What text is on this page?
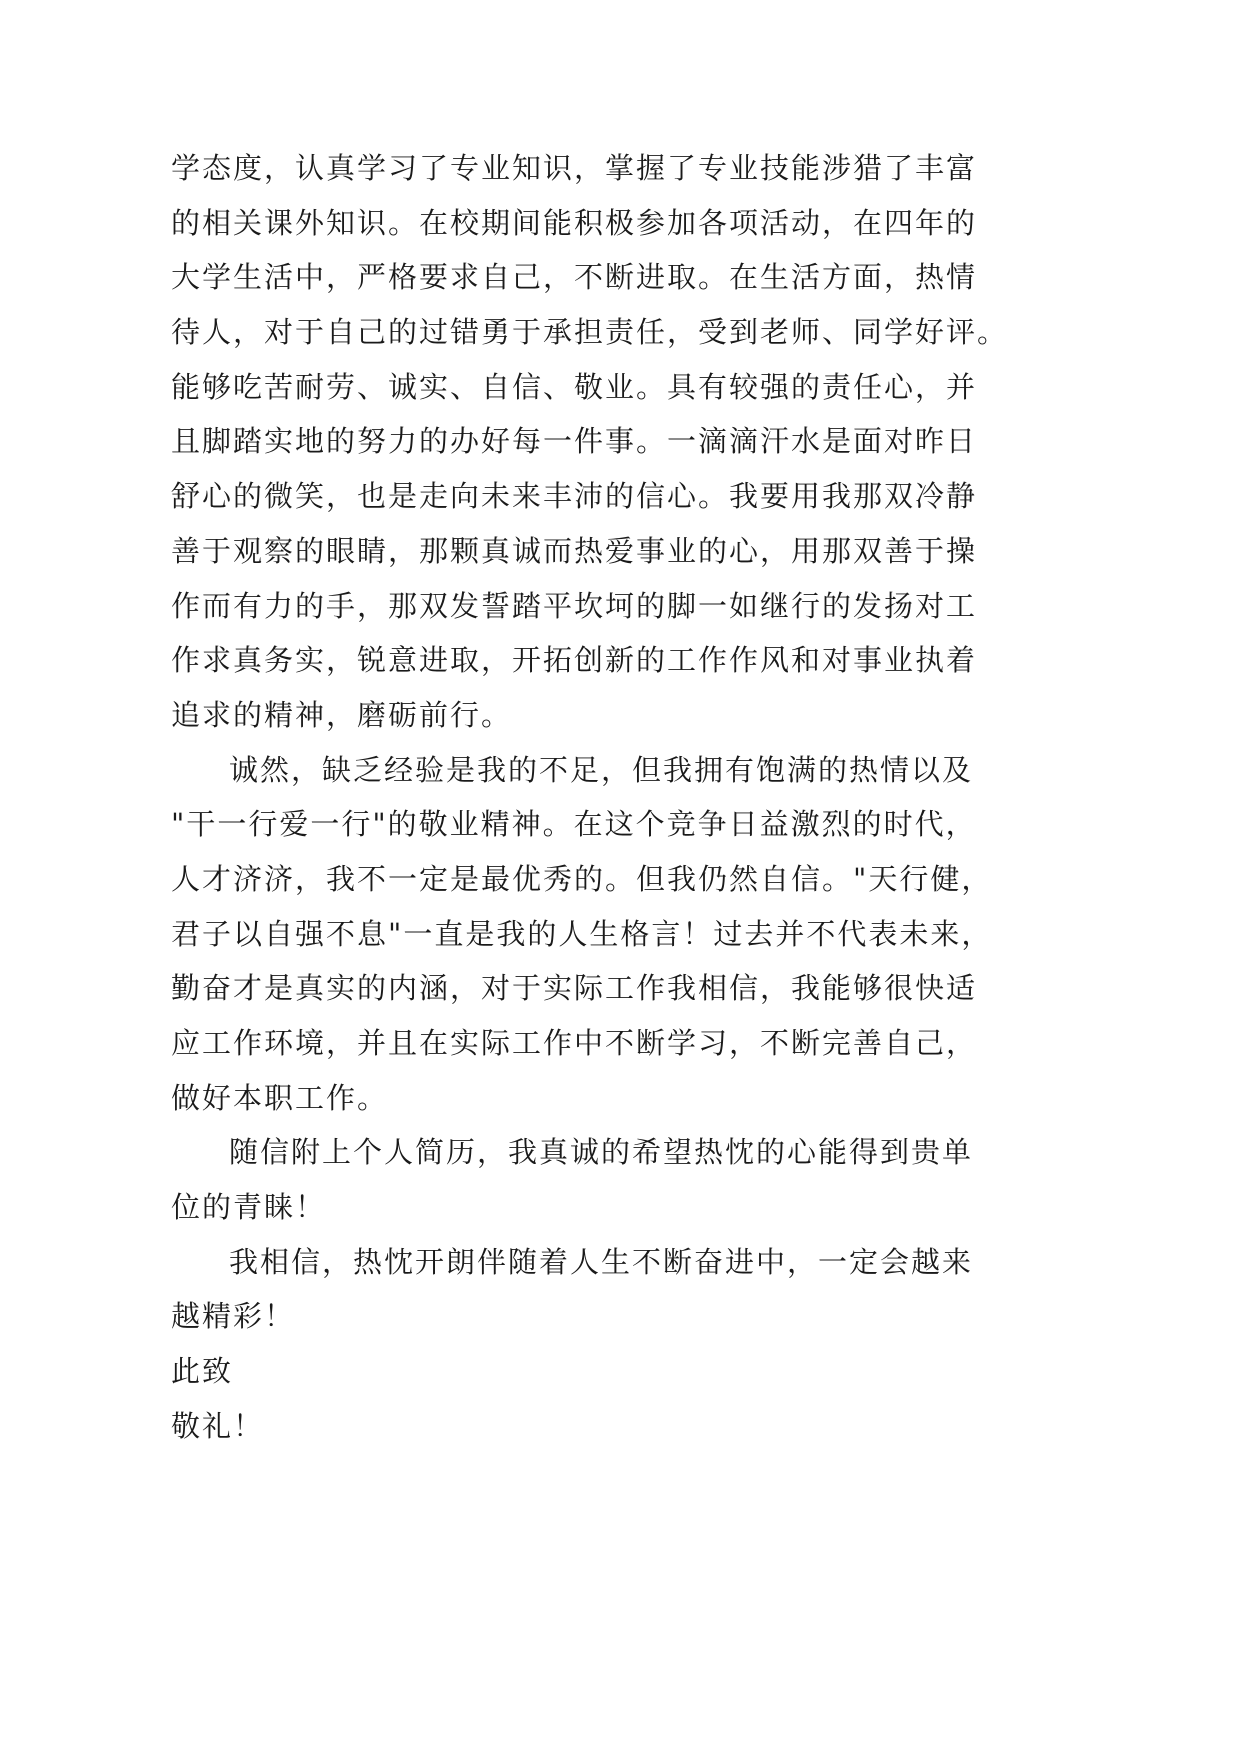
学态度，认真学习了专业知识，掌握了专业技能涉猎了丰富
的相关课外知识。在校期间能积极参加各项活动，在四年的
大学生活中，严格要求自己，不断进取。在生活方面，热情
待人，对于自己的过错勇于承担责任，受到老师、同学好评。
能够吃苦耐劳、诚实、自信、敬业。具有较强的责任心，并
且脚踏实地的努力的办好每一件事。一滴滴汗水是面对昨日
舒心的微笑，也是走向未来丰沛的信心。我要用我那双冷静
善于观察的眼睛，那颗真诚而热爱事业的心，用那双善于操
作而有力的手，那双发誓踏平坎坷的脚一如继行的发扬对工
作求真务实，锐意进取，开拓创新的工作作风和对事业执着
追求的精神，磨砺前行。
诚然，缺乏经验是我的不足，但我拥有饱满的热情以及
"干一行爱一行"的敬业精神。在这个竞争日益激烈的时代，
人才济济，我不一定是最优秀的。但我仍然自信。"天行健，
君子以自强不息"一直是我的人生格言！过去并不代表未来，
勤奋才是真实的内涵，对于实际工作我相信，我能够很快适
应工作环境，并且在实际工作中不断学习，不断完善自己，
做好本职工作。
随信附上个人简历，我真诚的希望热忱的心能得到贵单
位的青睐！
我相信，热忱开朗伴随着人生不断奋进中，一定会越来
越精彩！
此致
敬礼！
